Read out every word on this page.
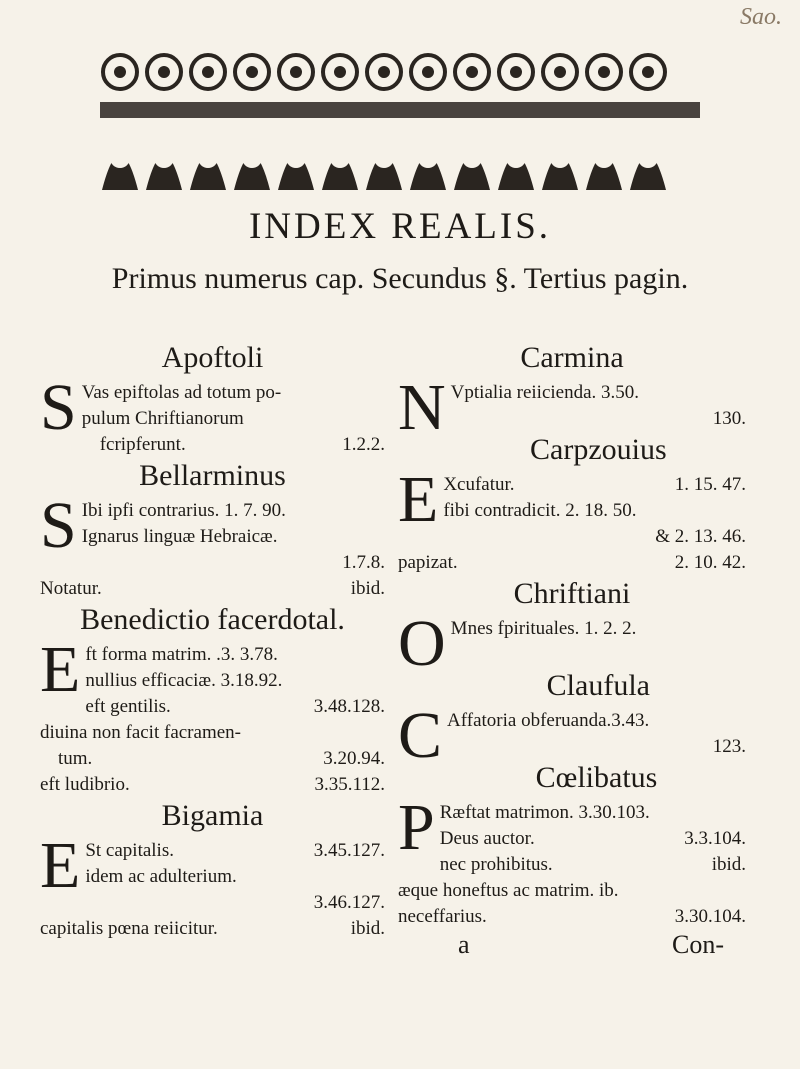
Sao.
INDEX REALIS.
Primus numerus cap. Secundus §. Tertius pagin.
Apoftoli
S Vas epiftolas ad totum po-
pulum Chriftianorum
fcripferunt.	1.2.2.
Bellarminus
S Ibi ipfi contrarius. 1. 7. 90.
Ignarus linguæ Hebraicæ.
1.7.8.
Notatur.	ibid.
Benedictio facerdotal.
E ft forma matrim. .3. 3.78.
nullius efficaciæ. 3.18.92.
eft gentilis.	3.48.128.
diuina non facit facramen-
tum.	3.20.94.
eft ludibrio.	3.35.112.
Bigamia
E St capitalis.	3.45.127.
idem ac adulterium.
3.46.127.
capitalis pœna reiicitur.	ibid.
Carmina
N Vptialia reiicienda. 3.50.
130.
Carpzouius
E Xcufatur.	1. 15. 47.
fibi contradicit. 2. 18. 50.
& 2. 13. 46.
papizat.	2. 10. 42.
Chriftiani
O Mnes fpirituales. 1. 2. 2.

Claufula
C Affatoria obferuanda.3.43.
123.
Cœlibatus
P Ræftat matrimon. 3.30.103.
Deus auctor.	3.3.104.
nec prohibitus.	ibid.
æque honeftus ac matrim. ib.
neceffarius.	3.30.104.
a	Con-
